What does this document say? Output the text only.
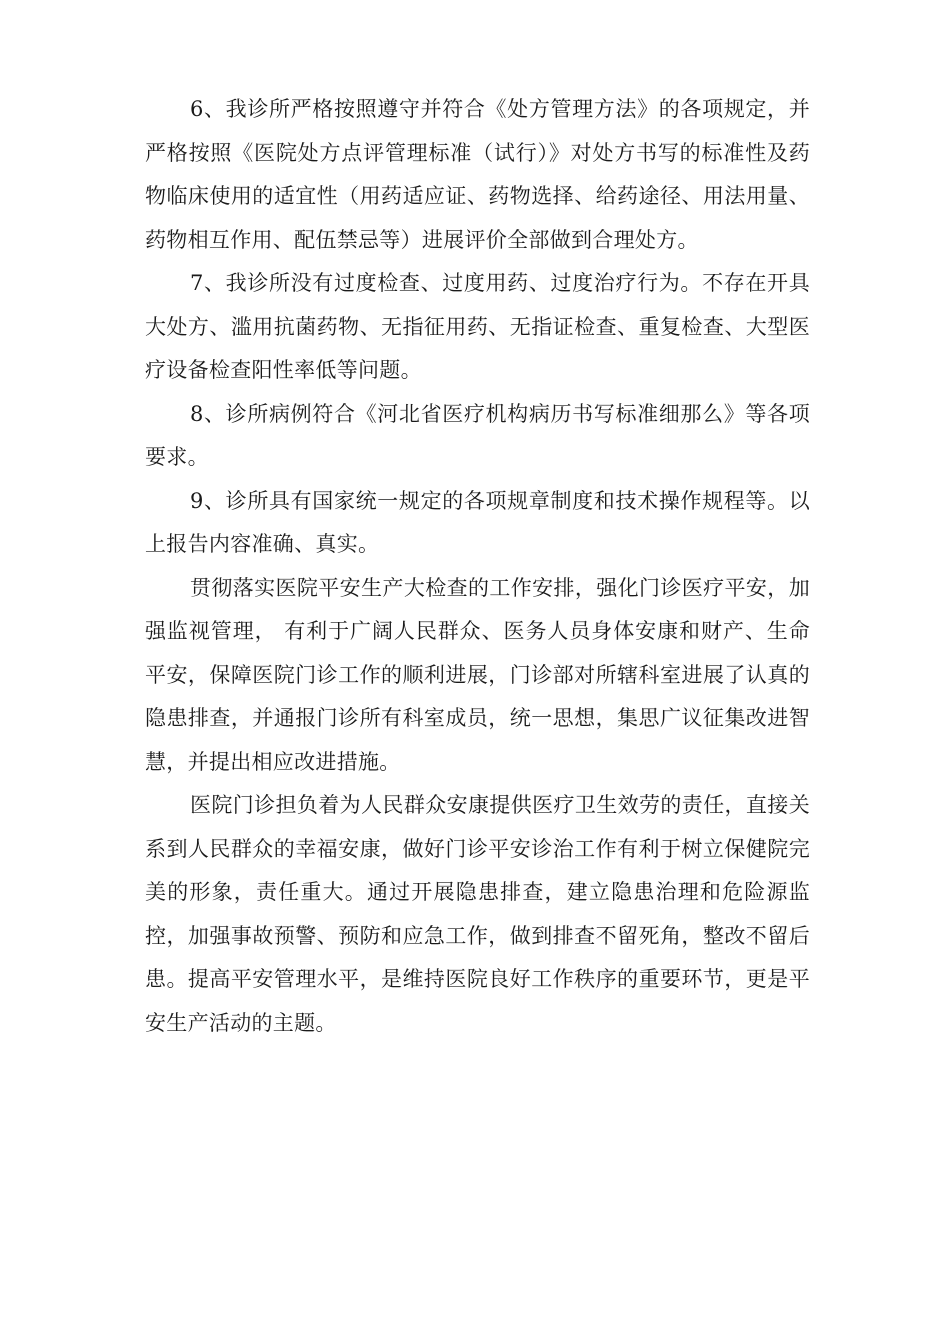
6、我诊所严格按照遵守并符合《处方管理方法》的各项规定，并严格按照《医院处方点评管理标准（试行）》对处方书写的标准性及药物临床使用的适宜性（用药适应证、药物选择、给药途径、用法用量、药物相互作用、配伍禁忌等）进展评价全部做到合理处方。

7、我诊所没有过度检查、过度用药、过度治疗行为。不存在开具大处方、滥用抗菌药物、无指征用药、无指证检查、重复检查、大型医疗设备检查阳性率低等问题。

8、诊所病例符合《河北省医疗机构病历书写标准细那么》等各项要求。

9、诊所具有国家统一规定的各项规章制度和技术操作规程等。以上报告内容准确、真实。

贯彻落实医院平安生产大检查的工作安排，强化门诊医疗平安，加强监视管理， 有利于广阔人民群众、医务人员身体安康和财产、生命平安，保障医院门诊工作的顺利进展，门诊部对所辖科室进展了认真的隐患排查，并通报门诊所有科室成员，统一思想，集思广议征集改进智慧，并提出相应改进措施。

医院门诊担负着为人民群众安康提供医疗卫生效劳的责任，直接关系到人民群众的幸福安康，做好门诊平安诊治工作有利于树立保健院完美的形象，责任重大。通过开展隐患排查，建立隐患治理和危险源监控，加强事故预警、预防和应急工作，做到排查不留死角，整改不留后患。提高平安管理水平，是维持医院良好工作秩序的重要环节，更是平安生产活动的主题。
